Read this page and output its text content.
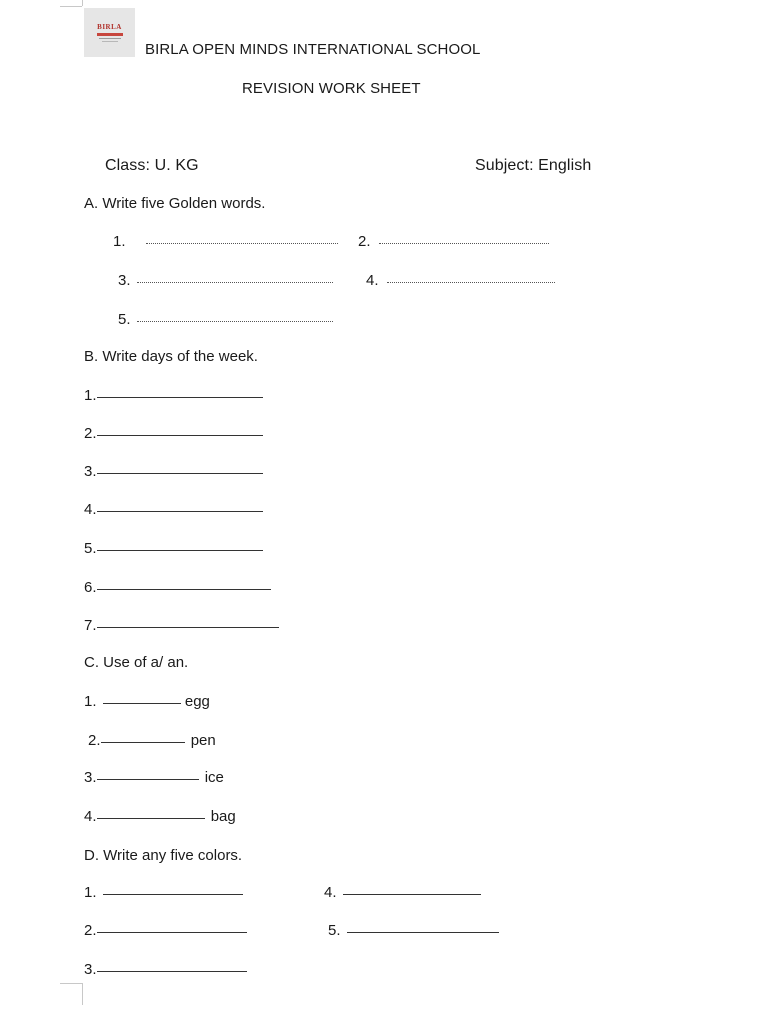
BIRLA
BIRLA OPEN MINDS INTERNATIONAL SCHOOL
REVISION WORK SHEET
Class: U. KG	Subject: English
A. Write five Golden words.
1.	2.
3.	4.
5.
B. Write days of the week.
1.
2.
3.
4.
5.
6.
7.
C. Use of a/ an.
1.	egg
2.	pen
3.	ice
4.	bag
D. Write any five colors.
1.	4.
2.	5.
3.
